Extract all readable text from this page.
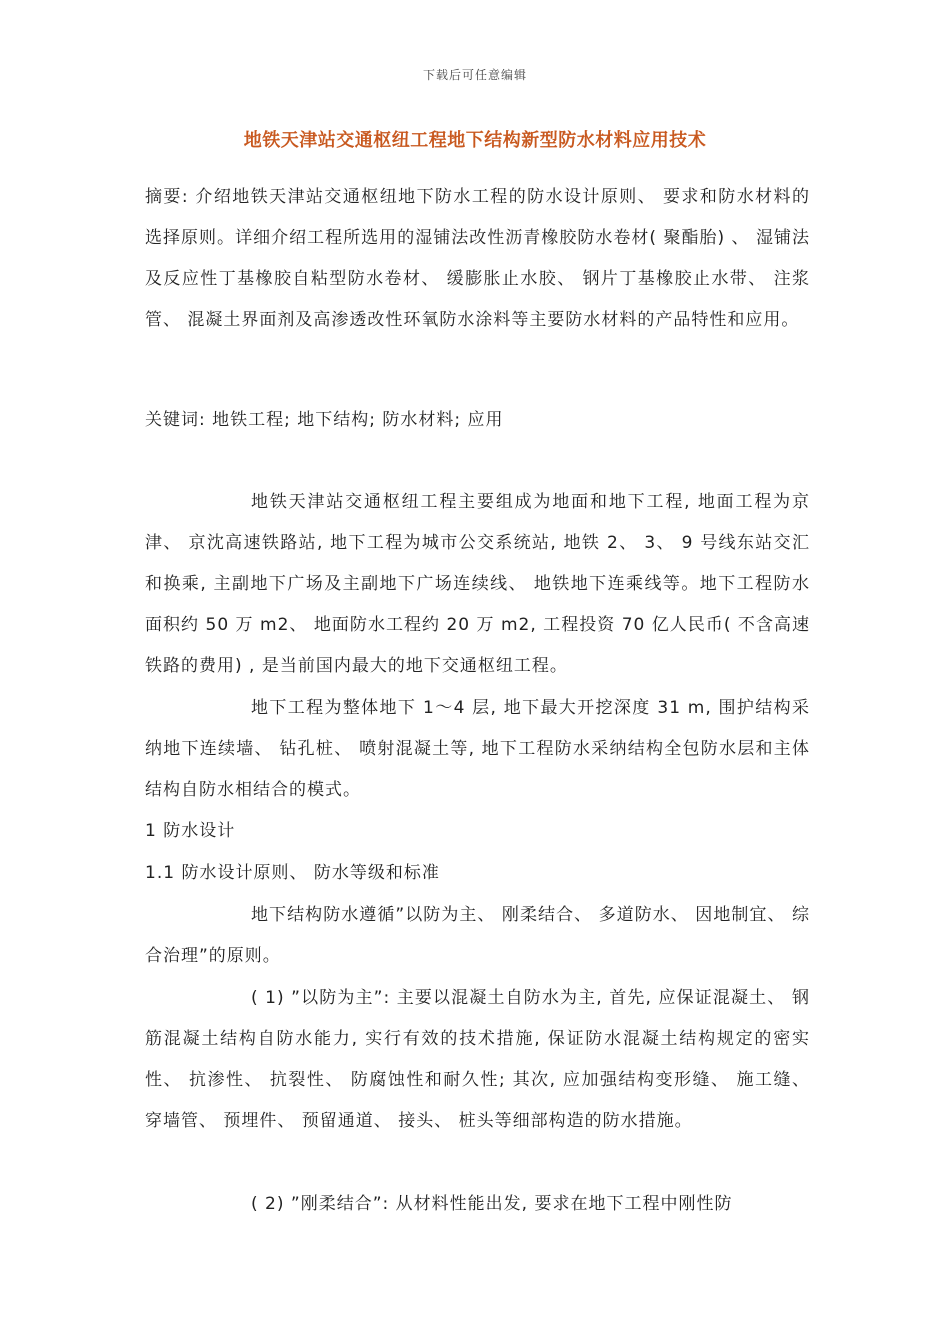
下载后可任意编辑
地铁天津站交通枢纽工程地下结构新型防水材料应用技术

摘要: 介绍地铁天津站交通枢纽地下防水工程的防水设计原则、 要求和防水材料的选择原则。详细介绍工程所选用的湿铺法改性沥青橡胶防水卷材( 聚酯胎) 、 湿铺法及反应性丁基橡胶自粘型防水卷材、 缓膨胀止水胶、 钢片丁基橡胶止水带、 注浆管、 混凝土界面剂及高渗透改性环氧防水涂料等主要防水材料的产品特性和应用。

关键词: 地铁工程; 地下结构; 防水材料; 应用

地铁天津站交通枢纽工程主要组成为地面和地下工程, 地面工程为京津、 京沈高速铁路站, 地下工程为城市公交系统站, 地铁 2、 3、 9 号线东站交汇和换乘, 主副地下广场及主副地下广场连续线、 地铁地下连乘线等。地下工程防水面积约 50 万 m2、 地面防水工程约 20 万 m2, 工程投资 70 亿人民币( 不含高速铁路的费用) , 是当前国内最大的地下交通枢纽工程。

地下工程为整体地下 1～4 层, 地下最大开挖深度 31 m, 围护结构采纳地下连续墙、 钻孔桩、 喷射混凝土等, 地下工程防水采纳结构全包防水层和主体结构自防水相结合的模式。

1 防水设计

1.1 防水设计原则、 防水等级和标准

地下结构防水遵循”以防为主、 刚柔结合、 多道防水、 因地制宜、 综合治理”的原则。

( 1) ”以防为主”: 主要以混凝土自防水为主, 首先, 应保证混凝土、 钢筋混凝土结构自防水能力, 实行有效的技术措施, 保证防水混凝土结构规定的密实性、 抗渗性、 抗裂性、 防腐蚀性和耐久性; 其次, 应加强结构变形缝、 施工缝、 穿墙管、 预埋件、 预留通道、 接头、 桩头等细部构造的防水措施。

( 2) ”刚柔结合”: 从材料性能出发, 要求在地下工程中刚性防
